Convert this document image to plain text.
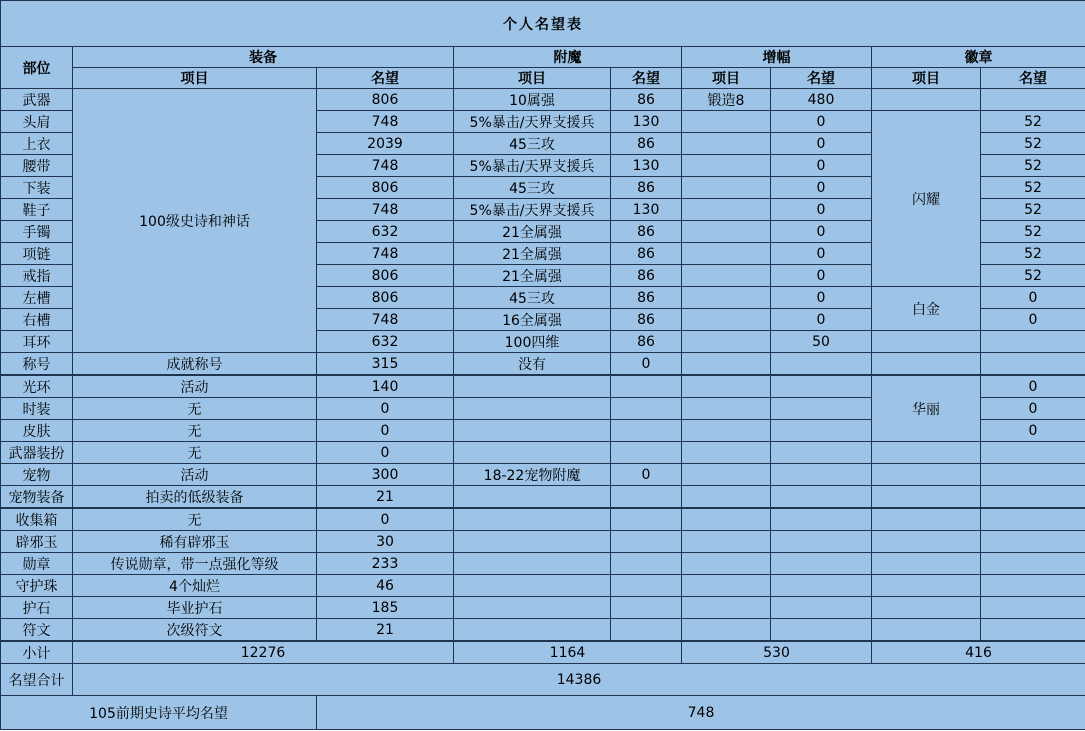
个人名望表								
部位	装备		附魔		增幅		徽章	
	项目	名望	项目	名望	项目	名望	项目	名望
武器	100级史诗和神话	806	10属强	86	锻造8	480		
头肩		748	5%暴击/天界支援兵	130		0	闪耀	52
上衣		2039	45三攻	86		0		52
腰带		748	5%暴击/天界支援兵	130		0		52
下装		806	45三攻	86		0		52
鞋子		748	5%暴击/天界支援兵	130		0		52
手镯		632	21全属强	86		0		52
项链		748	21全属强	86		0		52
戒指		806	21全属强	86		0		52
左槽		806	45三攻	86		0	白金	0
右槽		748	16全属强	86		0		0
耳环		632	100四维	86		50		
称号	成就称号	315	没有	0				
光环	活动	140					华丽	0
时装	无	0						0
皮肤	无	0						0
武器装扮	无	0						
宠物	活动	300	18-22宠物附魔	0				
宠物装备	拍卖的低级装备	21						
收集箱	无	0						
辟邪玉	稀有辟邪玉	30						
勋章	传说勋章，带一点强化等级	233						
守护珠	4个灿烂	46						
护石	毕业护石	185						
符文	次级符文	21						
小计	12276		1164		530		416	
名望合计	14386							
105前期史诗平均名望		748						
